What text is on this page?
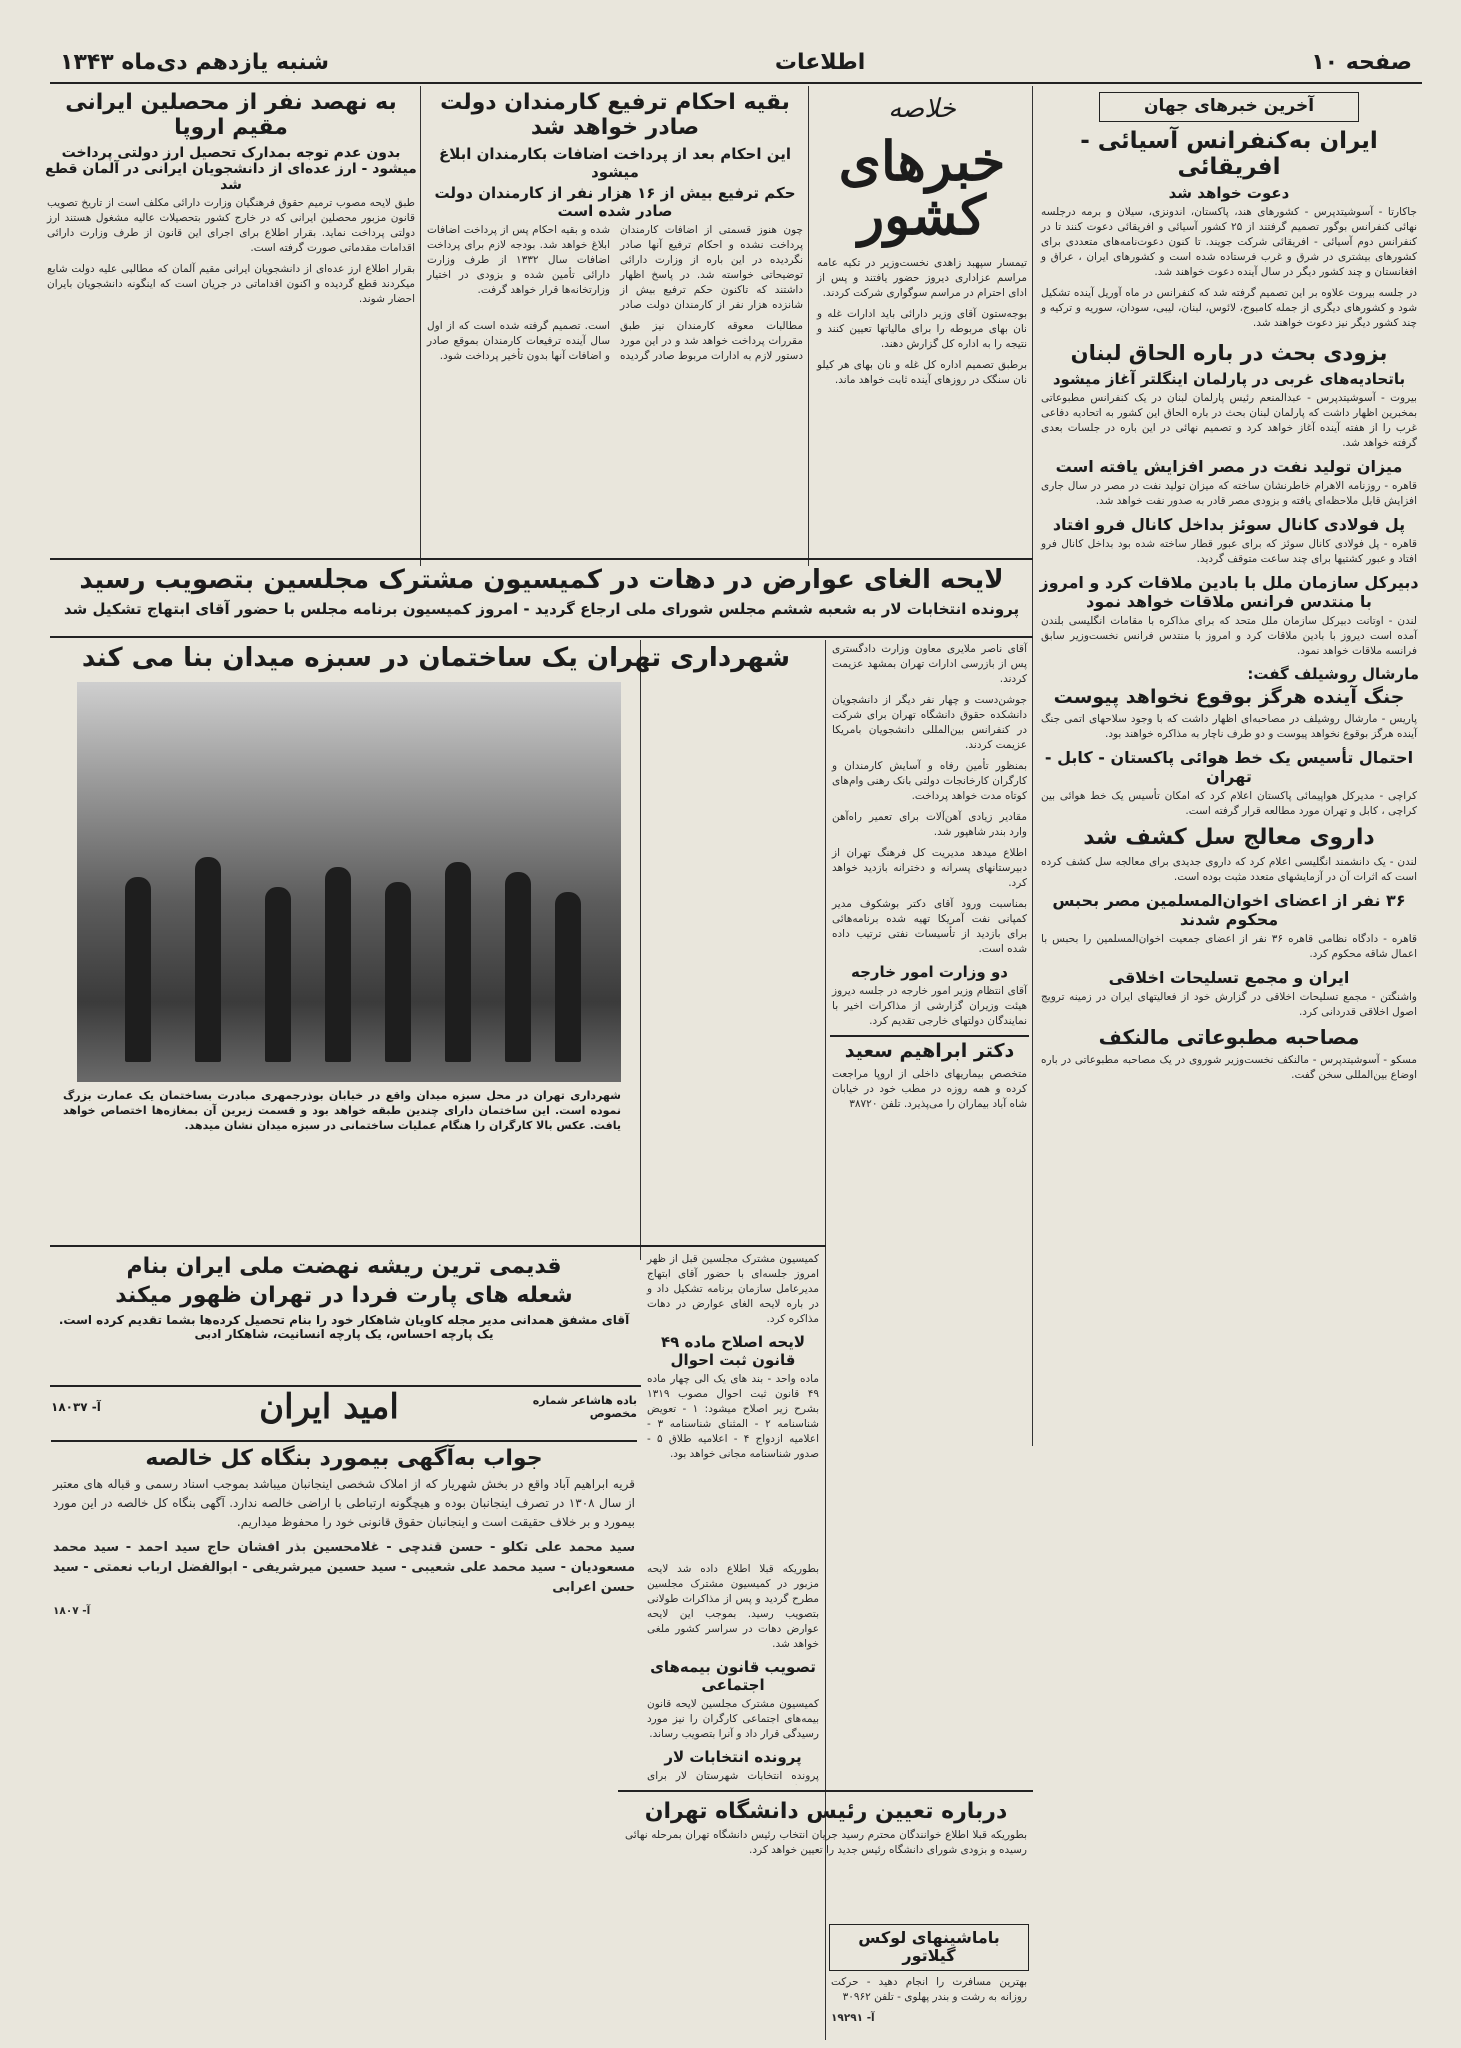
صفحه ۱۰
اطلاعات
شنبه یازدهم دی‌ماه ۱۳۴۳
آخرین خبرهای جهان
ایران به‌کنفرانس آسیائی - افریقائی
دعوت خواهد شد
جاکارتا - آسوشیتدپرس - کشورهای هند، پاکستان، اندونزی، سیلان و برمه درجلسه نهائی کنفرانس بوگور تصمیم گرفتند از ۲۵ کشور آسیائی و افریقائی دعوت کنند تا در کنفرانس دوم آسیائی - افریقائی شرکت جویند. تا کنون دعوت‌نامه‌های متعددی برای کشورهای بیشتری در شرق و غرب فرستاده شده است و کشورهای ایران ، عراق و افغانستان و چند کشور دیگر در سال آینده دعوت خواهند شد.
در جلسه بیروت علاوه بر این تصمیم گرفته شد که کنفرانس در ماه آوریل آینده تشکیل شود و کشورهای دیگری از جمله کامبوج، لائوس، لبنان، لیبی، سودان، سوریه و ترکیه و چند کشور دیگر نیز دعوت خواهند شد.
بزودی بحث در باره الحاق لبنان
باتحادیه‌های غربی در پارلمان اینگلتر آغاز میشود
بیروت - آسوشیتدپرس - عبدالمنعم رئیس پارلمان لبنان در یک کنفرانس مطبوعاتی بمخبرین اظهار داشت که پارلمان لبنان بحث در باره الحاق این کشور به اتحادیه دفاعی غرب را از هفته آینده آغاز خواهد کرد و تصمیم نهائی در این باره در جلسات بعدی گرفته خواهد شد.
میزان تولید نفت در مصر افزایش یافته است
قاهره - روزنامه الاهرام خاطرنشان ساخته که میزان تولید نفت در مصر در سال جاری افزایش قابل ملاحظه‌ای یافته و بزودی مصر قادر به صدور نفت خواهد شد.
پل فولادی کانال سوئز بداخل کانال فرو افتاد
قاهره - پل فولادی کانال سوئز که برای عبور قطار ساخته شده بود بداخل کانال فرو افتاد و عبور کشتیها برای چند ساعت متوقف گردید.
دبیرکل سازمان ملل با بادین ملاقات کرد و امروز با منتدس فرانس ملاقات خواهد نمود
لندن - اوتانت دبیرکل سازمان ملل متحد که برای مذاکره با مقامات انگلیسی بلندن آمده است دیروز با بادین ملاقات کرد و امروز با منتدس فرانس نخست‌وزیر سابق فرانسه ملاقات خواهد نمود.
مارشال روشیلف گفت:
جنگ آینده هرگز بوقوع نخواهد پیوست
پاریس - مارشال روشیلف در مصاحبه‌ای اظهار داشت که با وجود سلاحهای اتمی جنگ آینده هرگز بوقوع نخواهد پیوست و دو طرف ناچار به مذاکره خواهند بود.
احتمال تأسیس یک خط هوائی پاکستان - کابل - تهران
کراچی - مدیرکل هواپیمائی پاکستان اعلام کرد که امکان تأسیس یک خط هوائی بین کراچی ، کابل و تهران مورد مطالعه قرار گرفته است.
داروی معالج سل کشف شد
لندن - یک دانشمند انگلیسی اعلام کرد که داروی جدیدی برای معالجه سل کشف کرده است که اثرات آن در آزمایشهای متعدد مثبت بوده است.
۳۶ نفر از اعضای اخوان‌المسلمین مصر بحبس محکوم شدند
قاهره - دادگاه نظامی قاهره ۳۶ نفر از اعضای جمعیت اخوان‌المسلمین را بحبس با اعمال شاقه محکوم کرد.
ایران و مجمع تسلیحات اخلاقی
واشنگتن - مجمع تسلیحات اخلاقی در گزارش خود از فعالیتهای ایران در زمینه ترویج اصول اخلاقی قدردانی کرد.
مصاحبه مطبوعاتی مالنکف
مسکو - آسوشیتدپرس - مالنکف نخست‌وزیر شوروی در یک مصاحبه مطبوعاتی در باره اوضاع بین‌المللی سخن گفت.
خلاصه
خبرهای کشور
تیمسار سپهبد زاهدی نخست‌وزیر در تکیه عامه مراسم عزاداری دیروز حضور یافتند و پس از ادای احترام در مراسم سوگواری شرکت کردند.
بوجه‌ستون آقای وزیر دارائی باید ادارات غله و نان بهای مربوطه را برای مالیاتها تعیین کنند و نتیجه را به اداره کل گزارش دهند.
برطبق تصمیم اداره کل غله و نان بهای هر کیلو نان سنگک در روزهای آینده ثابت خواهد ماند.
بقیه احکام ترفیع کارمندان دولت صادر خواهد شد
این احکام بعد از پرداخت اضافات بکارمندان ابلاغ میشود
حکم ترفیع بیش از ۱۶ هزار نفر از کارمندان دولت صادر شده است
چون هنوز قسمتی از اضافات کارمندان پرداخت نشده و احکام ترفیع آنها صادر نگردیده در این باره از وزارت دارائی توضیحاتی خواسته شد. در پاسخ اظهار داشتند که تاکنون حکم ترفیع بیش از شانزده هزار نفر از کارمندان دولت صادر شده و بقیه احکام پس از پرداخت اضافات ابلاغ خواهد شد. بودجه لازم برای پرداخت اضافات سال ۱۳۳۲ از طرف وزارت دارائی تأمین شده و بزودی در اختیار وزارتخانه‌ها قرار خواهد گرفت.
مطالبات معوقه کارمندان نیز طبق مقررات پرداخت خواهد شد و در این مورد دستور لازم به ادارات مربوط صادر گردیده است. تصمیم گرفته شده است که از اول سال آینده ترفیعات کارمندان بموقع صادر و اضافات آنها بدون تأخیر پرداخت شود.
به نهصد نفر از محصلین ایرانی مقیم اروپا
بدون عدم توجه بمدارک تحصیل ارز دولتی پرداخت میشود - ارز عده‌ای از دانشجویان ایرانی در آلمان قطع شد
طبق لایحه مصوب ترمیم حقوق فرهنگیان وزارت دارائی مکلف است از تاریخ تصویب قانون مزبور محصلین ایرانی که در خارج کشور بتحصیلات عالیه مشغول هستند ارز دولتی پرداخت نماید. بقرار اطلاع برای اجرای این قانون از طرف وزارت دارائی اقدامات مقدماتی صورت گرفته است.
بقرار اطلاع ارز عده‌ای از دانشجویان ایرانی مقیم آلمان که مطالبی علیه دولت شایع میکردند قطع گردیده و اکنون اقداماتی در جریان است که اینگونه دانشجویان بایران احضار شوند.
لایحه الغای عوارض در دهات در کمیسیون مشترک مجلسین بتصویب رسید
پرونده انتخابات لار به شعبه ششم مجلس شورای ملی ارجاع گردید - امروز کمیسیون برنامه مجلس با حضور آقای ابتهاج تشکیل شد
شهرداری تهران یک ساختمان در سبزه میدان بنا می کند
شهرداری تهران در محل سبزه میدان واقع در خیابان بوذرجمهری مبادرت بساختمان یک عمارت بزرگ نموده است. این ساختمان دارای چندین طبقه خواهد بود و قسمت زیرین آن بمغازه‌ها اختصاص خواهد یافت. عکس بالا کارگران را هنگام عملیات ساختمانی در سبزه میدان نشان میدهد.
کمیسیون مشترک مجلسین قبل از ظهر امروز جلسه‌ای با حضور آقای ابتهاج مدیرعامل سازمان برنامه تشکیل داد و در باره لایحه الغای عوارض در دهات مذاکره کرد.
لایحه اصلاح ماده ۴۹ قانون ثبت احوال
ماده واحد - بند های یک الی چهار ماده ۴۹ قانون ثبت احوال مصوب ۱۳۱۹ بشرح زیر اصلاح میشود: ۱ - تعویض شناسنامه ۲ - المثنای شناسنامه ۳ - اعلامیه ازدواج ۴ - اعلامیه طلاق ۵ - صدور شناسنامه مجانی خواهد بود.
قدیمی ترین ریشه نهضت ملی ایران بنام
شعله های پارت فردا در تهران ظهور میکند
آقای مشفق همدانی مدیر مجله کاویان شاهکار خود را بنام تحصیل کرده‌ها بشما تقدیم کرده است. یک پارچه احساس، یک پارچه انسانیت، شاهکار ادبی
باده هاشاعر شماره مخصوص
امید ایران
آ- ۱۸۰۳۷
جواب به‌آگهی بیمورد بنگاه کل خالصه
قریه ابراهیم آباد واقع در بخش شهریار که از املاک شخصی اینجانبان میباشد بموجب اسناد رسمی و قباله های معتبر از سال ۱۳۰۸ در تصرف اینجانبان بوده و هیچگونه ارتباطی با اراضی خالصه ندارد. آگهی بنگاه کل خالصه در این مورد بیمورد و بر خلاف حقیقت است و اینجانبان حقوق قانونی خود را محفوظ میداریم.
سید محمد علی تکلو - حسن قندچی - غلامحسین بذر افشان حاج سید احمد - سید محمد مسعودیان - سید محمد علی شعیبی - سید حسین میرشریفی - ابوالفضل ارباب نعمتی - سید حسن اعرابی
آ- ۱۸۰۷
آقای ناصر ملایری معاون وزارت دادگستری پس از بازرسی ادارات تهران بمشهد عزیمت کردند.
جوشن‌دست و چهار نفر دیگر از دانشجویان دانشکده حقوق دانشگاه تهران برای شرکت در کنفرانس بین‌المللی دانشجویان بامریکا عزیمت کردند.
بمنظور تأمین رفاه و آسایش کارمندان و کارگران کارخانجات دولتی بانک رهنی وام‌های کوتاه مدت خواهد پرداخت.
مقادیر زیادی آهن‌آلات برای تعمیر راه‌آهن وارد بندر شاهپور شد.
اطلاع میدهد مدیریت کل فرهنگ تهران از دبیرستانهای پسرانه و دخترانه بازدید خواهد کرد.
بمناسبت ورود آقای دکتر بوشکوف مدیر کمپانی نفت آمریکا تهیه شده برنامه‌هائی برای بازدید از تأسیسات نفتی ترتیب داده شده است.
دو وزارت امور خارجه
آقای انتظام وزیر امور خارجه در جلسه دیروز هیئت وزیران گزارشی از مذاکرات اخیر با نمایندگان دولتهای خارجی تقدیم کرد.
دکتر ابراهیم سعید
متخصص بیماریهای داخلی از اروپا مراجعت کرده و همه روزه در مطب خود در خیابان شاه آباد بیماران را می‌پذیرد. تلفن ۳۸۷۲۰
بطوریکه قبلا اطلاع داده شد لایحه مزبور در کمیسیون مشترک مجلسین مطرح گردید و پس از مذاکرات طولانی بتصویب رسید. بموجب این لایحه عوارض دهات در سراسر کشور ملغی خواهد شد.
تصویب قانون بیمه‌های اجتماعی
کمیسیون مشترک مجلسین لایحه قانون بیمه‌های اجتماعی کارگران را نیز مورد رسیدگی قرار داد و آنرا بتصویب رساند.
پرونده انتخابات لار
پرونده انتخابات شهرستان لار برای
درباره تعیین رئیس دانشگاه تهران
بطوریکه قبلا اطلاع خوانندگان محترم رسید جریان انتخاب رئیس دانشگاه تهران بمرحله نهائی رسیده و بزودی شورای دانشگاه رئیس جدید را تعیین خواهد کرد.
باماشینهای لوکس گیلاتور
بهترین مسافرت را انجام دهید - حرکت روزانه به رشت و بندر پهلوی - تلفن ۳۰۹۶۲
آ- ۱۹۲۹۱
